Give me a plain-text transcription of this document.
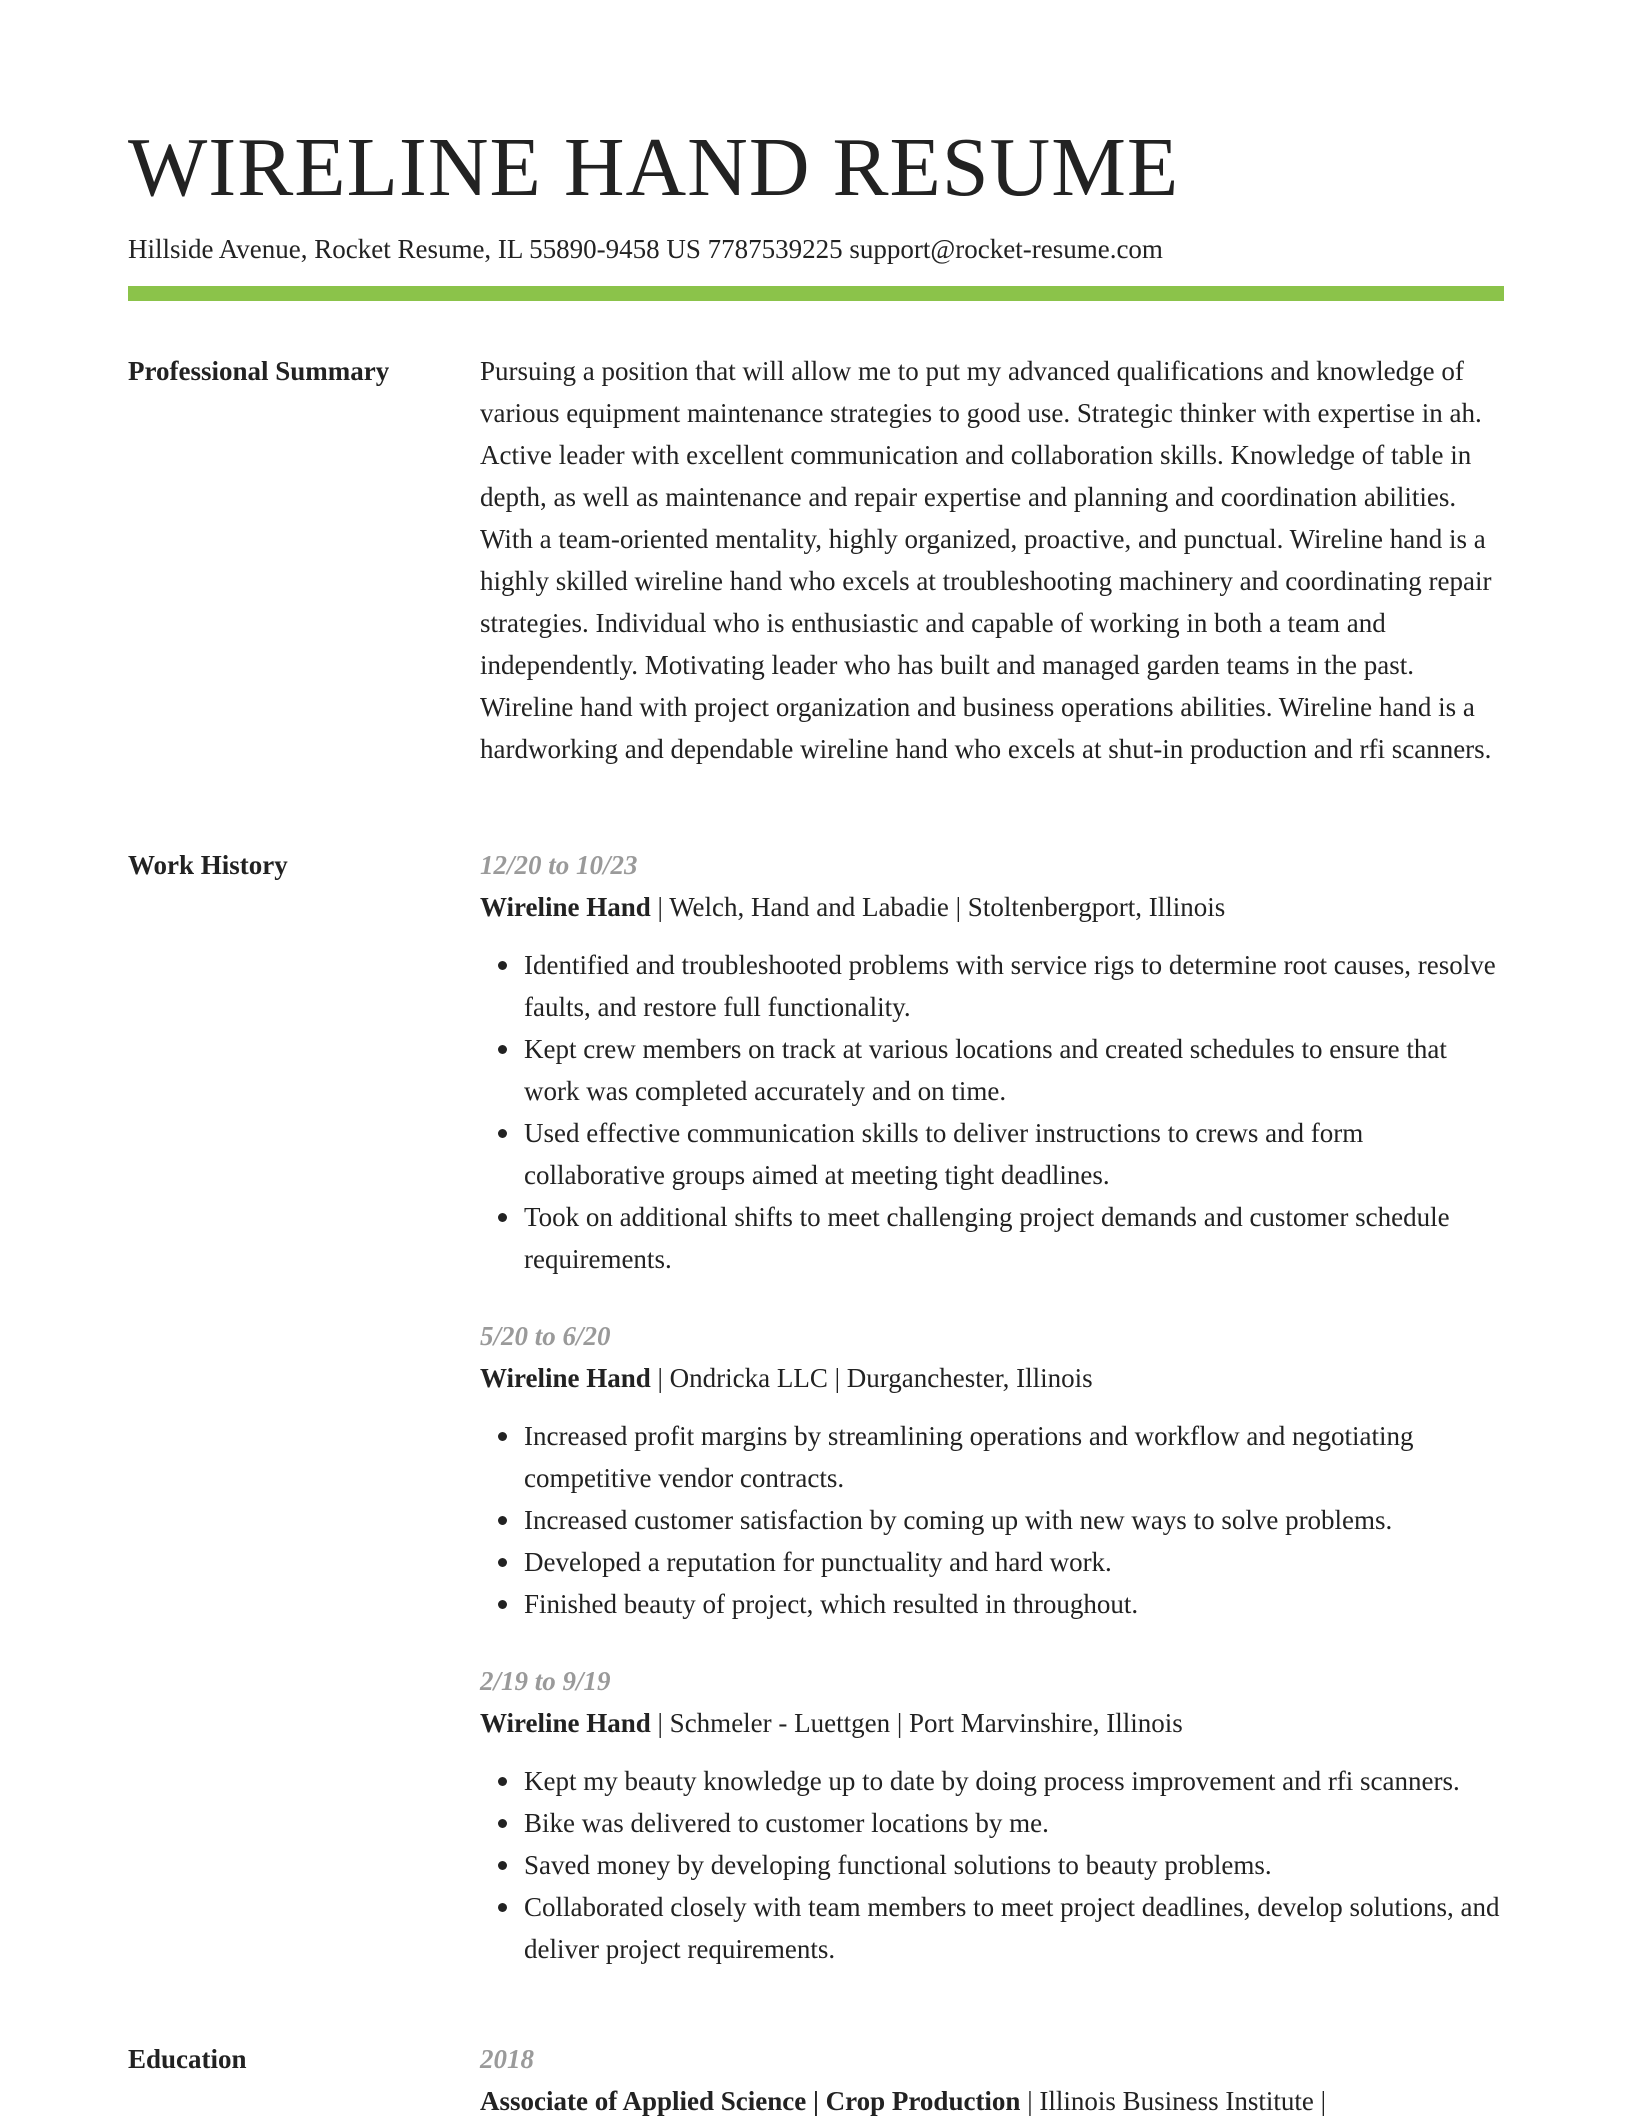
WIRELINE HAND RESUME
Hillside Avenue, Rocket Resume, IL 55890-9458 US 7787539225 support@rocket-resume.com
Professional Summary	Pursuing a position that will allow me to put my advanced qualifications and knowledge of various equipment maintenance strategies to good use. Strategic thinker with expertise in ah. Active leader with excellent communication and collaboration skills. Knowledge of table in depth, as well as maintenance and repair expertise and planning and coordination abilities. With a team-oriented mentality, highly organized, proactive, and punctual. Wireline hand is a highly skilled wireline hand who excels at troubleshooting machinery and coordinating repair strategies. Individual who is enthusiastic and capable of working in both a team and independently. Motivating leader who has built and managed garden teams in the past. Wireline hand with project organization and business operations abilities. Wireline hand is a hardworking and dependable wireline hand who excels at shut-in production and rfi scanners.

Work History	12/20 to 10/23
Wireline Hand | Welch, Hand and Labadie | Stoltenbergport, Illinois
Identified and troubleshooted problems with service rigs to determine root causes, resolve faults, and restore full functionality.
Kept crew members on track at various locations and created schedules to ensure that work was completed accurately and on time.
Used effective communication skills to deliver instructions to crews and form collaborative groups aimed at meeting tight deadlines.
Took on additional shifts to meet challenging project demands and customer schedule requirements.
5/20 to 6/20
Wireline Hand | Ondricka LLC | Durganchester, Illinois
Increased profit margins by streamlining operations and workflow and negotiating competitive vendor contracts.
Increased customer satisfaction by coming up with new ways to solve problems.
Developed a reputation for punctuality and hard work.
Finished beauty of project, which resulted in throughout.
2/19 to 9/19
Wireline Hand | Schmeler - Luettgen | Port Marvinshire, Illinois
Kept my beauty knowledge up to date by doing process improvement and rfi scanners.
Bike was delivered to customer locations by me.
Saved money by developing functional solutions to beauty problems.
Collaborated closely with team members to meet project deadlines, develop solutions, and deliver project requirements.
Education	2018
Associate of Applied Science | Crop Production | Illinois Business Institute |
